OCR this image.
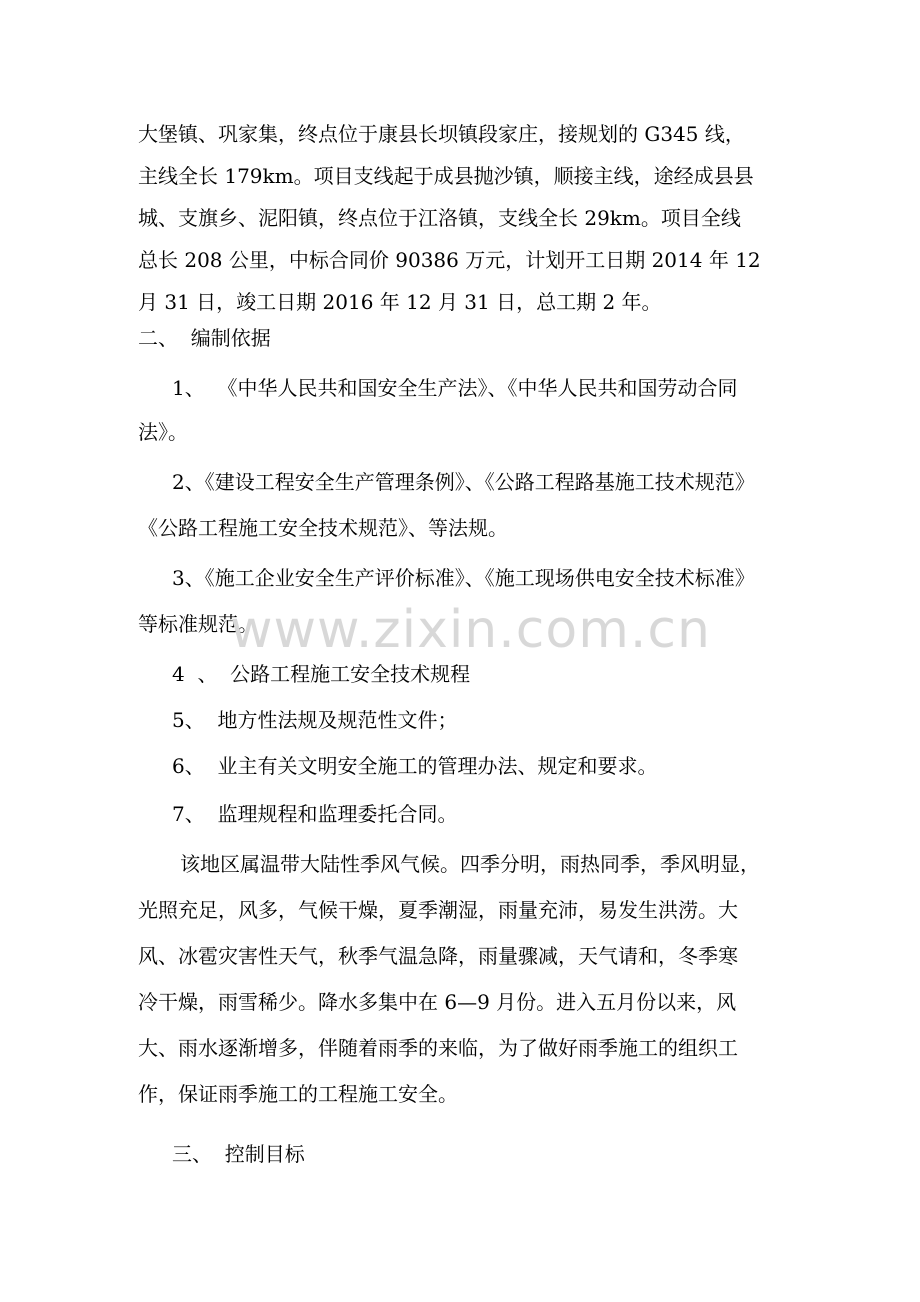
大堡镇、巩家集，终点位于康县长坝镇段家庄，接规划的 G345 线，
主线全长 179km。项目支线起于成县抛沙镇，顺接主线，途经成县县
城、支旗乡、泥阳镇，终点位于江洛镇，支线全长 29km。项目全线
总长 208 公里，中标合同价 90386 万元，计划开工日期 2014 年 12
月 31 日，竣工日期 2016 年 12 月 31 日，总工期 2 年。
二、  编制依据
1、  《中华人民共和国安全生产法》、《中华人民共和国劳动合同
法》。
2、《建设工程安全生产管理条例》、《公路工程路基施工技术规范》
《公路工程施工安全技术规范》、等法规。
3、《施工企业安全生产评价标准》、《施工现场供电安全技术标准》
等标准规范。
4  、  公路工程施工安全技术规程
5、  地方性法规及规范性文件；
6、  业主有关文明安全施工的管理办法、规定和要求。
7、  监理规程和监理委托合同。
该地区属温带大陆性季风气候。四季分明，雨热同季，季风明显，
光照充足，风多，气候干燥，夏季潮湿，雨量充沛，易发生洪涝。大
风、冰雹灾害性天气，秋季气温急降，雨量骤减，天气请和，冬季寒
冷干燥，雨雪稀少。降水多集中在 6—9 月份。进入五月份以来，风
大、雨水逐渐增多，伴随着雨季的来临，为了做好雨季施工的组织工
作，保证雨季施工的工程施工安全。
三、  控制目标
www.zixin.com.cn
